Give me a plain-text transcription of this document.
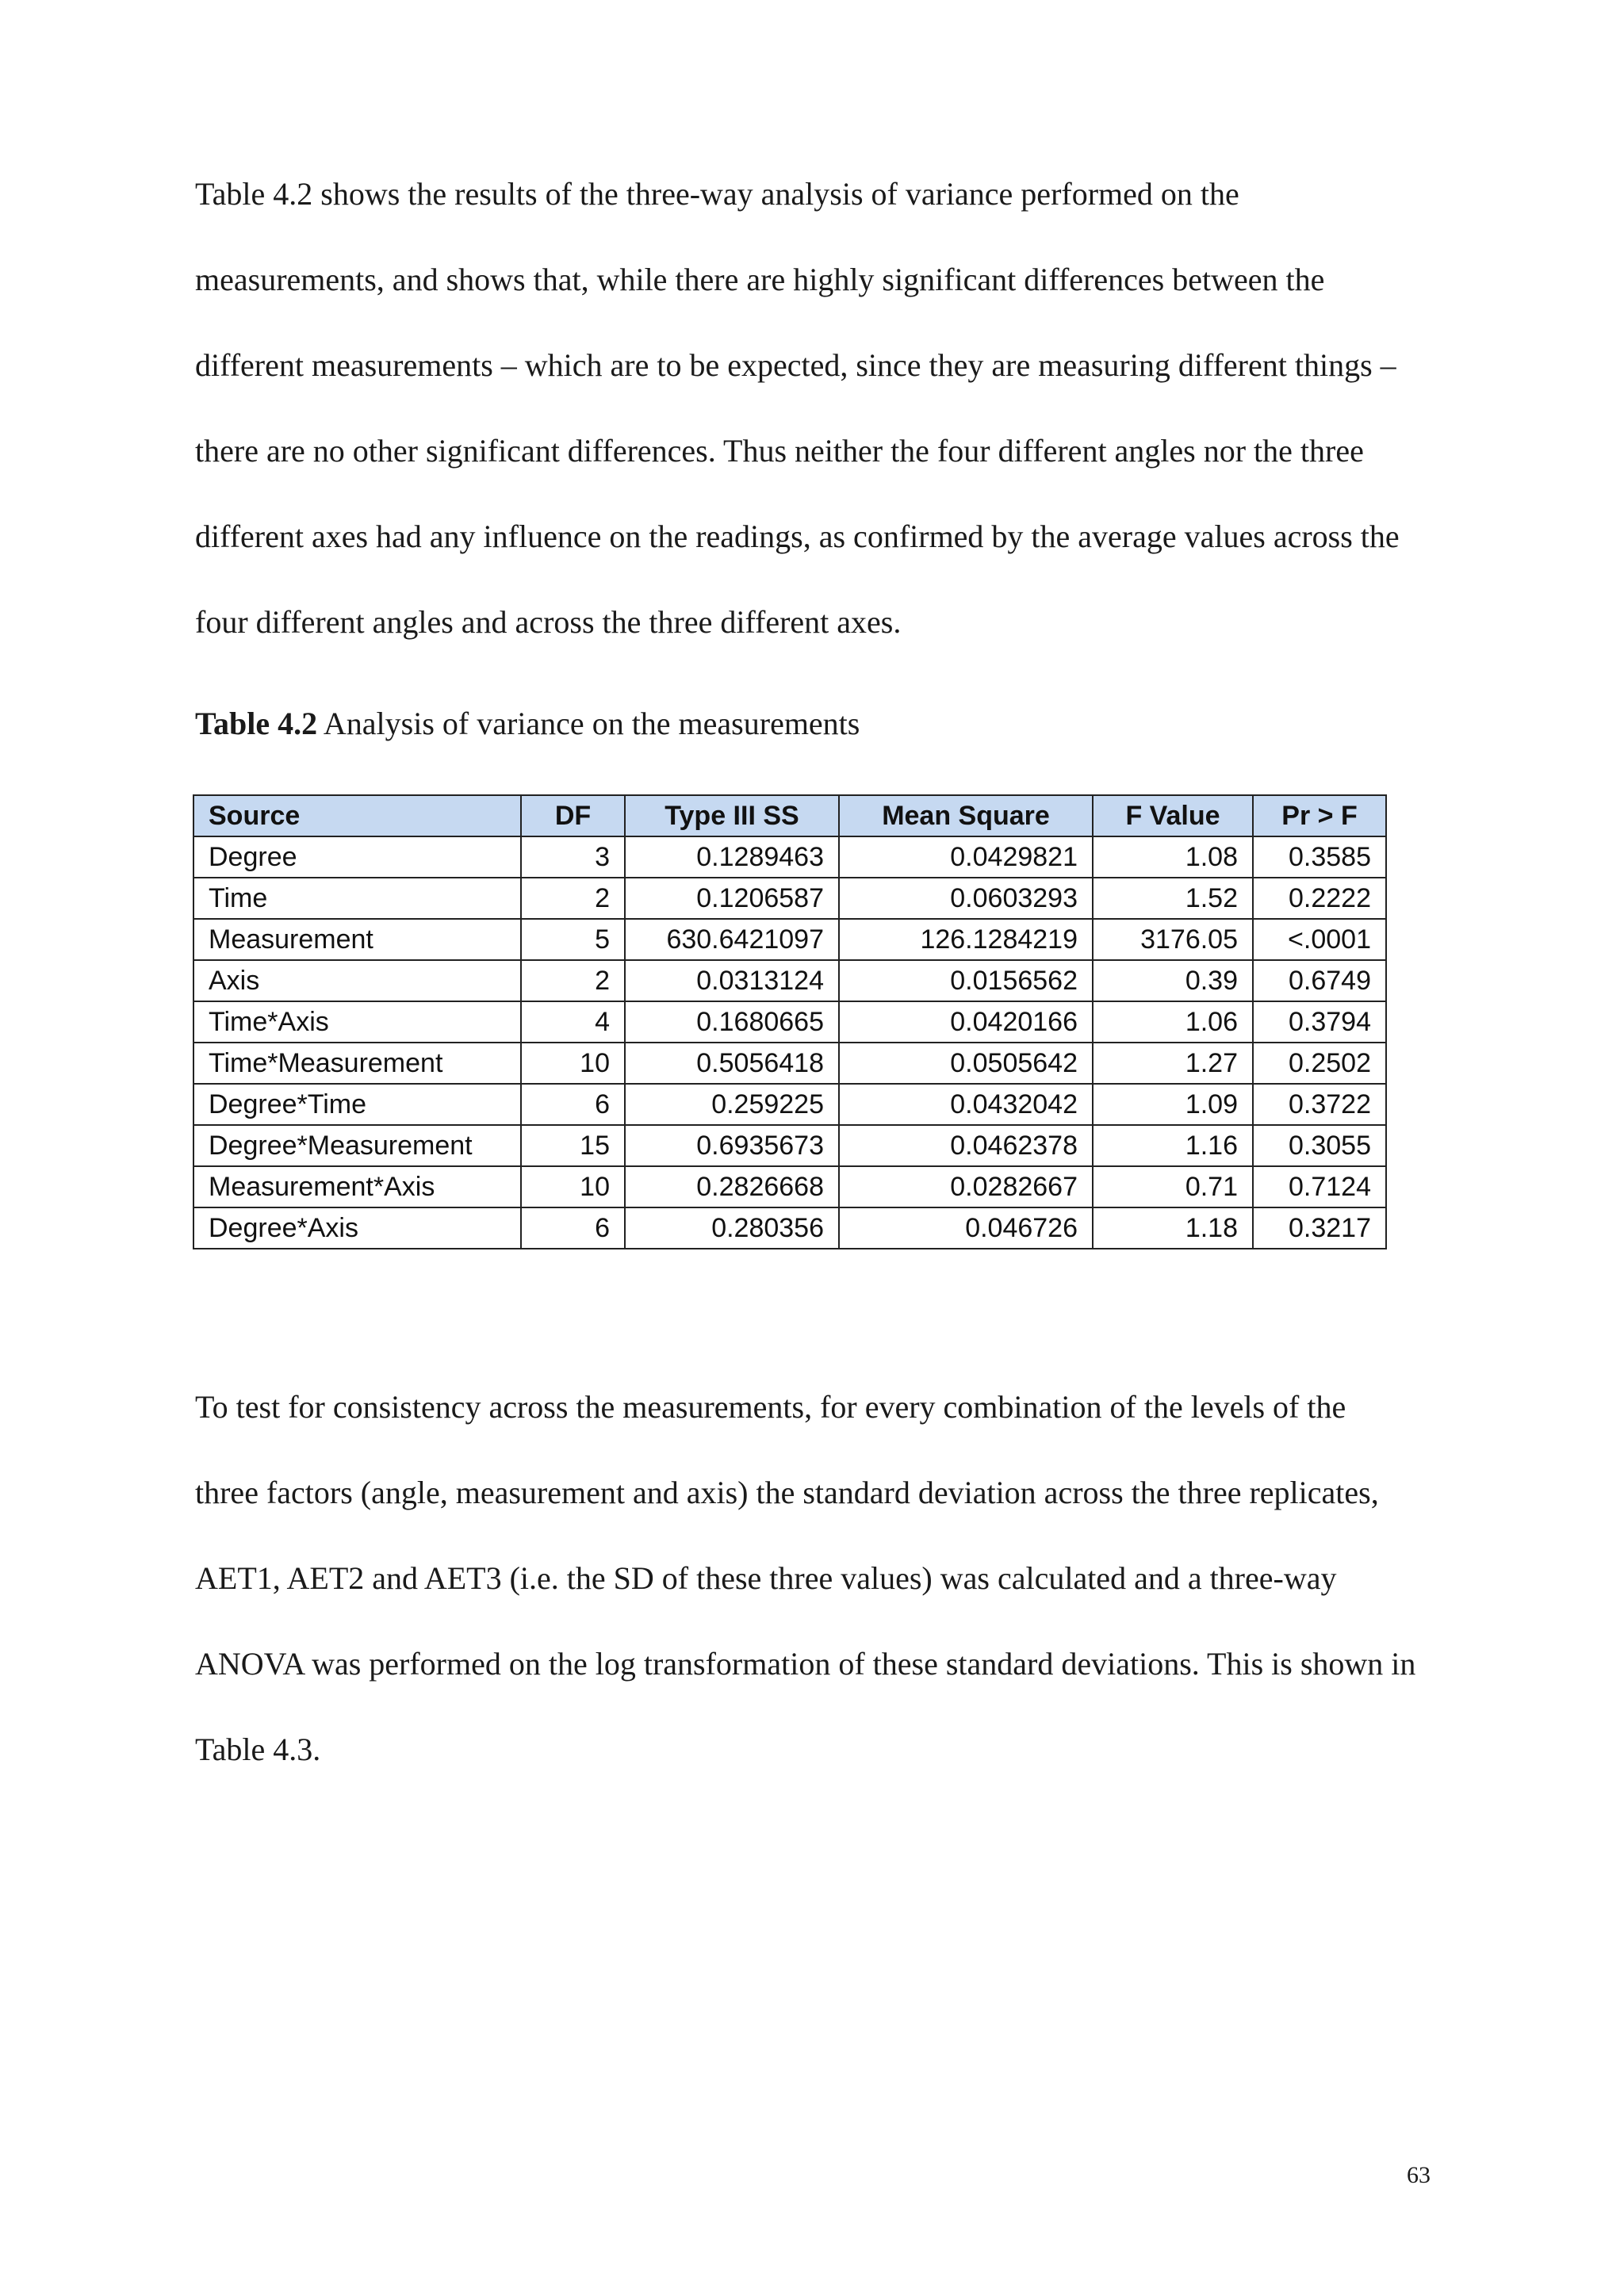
Table 4.2 shows the results of the three-way analysis of variance performed on the
measurements, and shows that, while there are highly significant differences between the
different measurements – which are to be expected, since they are measuring different things –
there are no other significant differences. Thus neither the four different angles nor the three
different axes had any influence on the readings, as confirmed by the average values across the
four different angles and across the three different axes.
Table 4.2 Analysis of variance on the measurements
Source	DF	Type III SS	Mean Square	F Value	Pr > F
Degree	3	0.1289463	0.0429821	1.08	0.3585
Time	2	0.1206587	0.0603293	1.52	0.2222
Measurement	5	630.6421097	126.1284219	3176.05	<.0001
Axis	2	0.0313124	0.0156562	0.39	0.6749
Time*Axis	4	0.1680665	0.0420166	1.06	0.3794
Time*Measurement	10	0.5056418	0.0505642	1.27	0.2502
Degree*Time	6	0.259225	0.0432042	1.09	0.3722
Degree*Measurement	15	0.6935673	0.0462378	1.16	0.3055
Measurement*Axis	10	0.2826668	0.0282667	0.71	0.7124
Degree*Axis	6	0.280356	0.046726	1.18	0.3217
To test for consistency across the measurements, for every combination of the levels of the
three factors (angle, measurement and axis) the standard deviation across the three replicates,
AET1, AET2 and AET3 (i.e. the SD of these three values) was calculated and a three-way
ANOVA was performed on the log transformation of these standard deviations. This is shown in
Table 4.3.
63
